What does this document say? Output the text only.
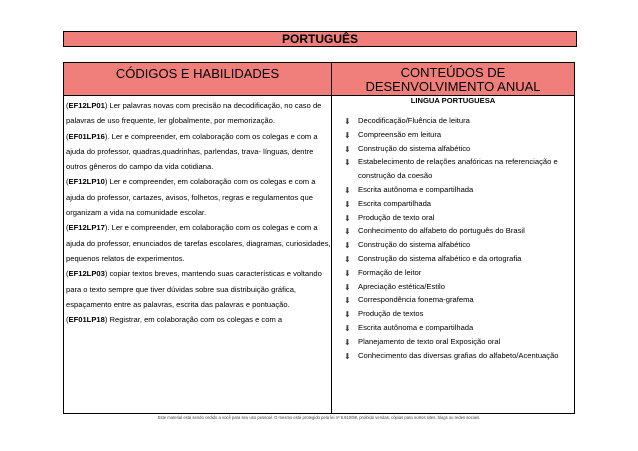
PORTUGUÊS
CÓDIGOS E HABILIDADES	CONTEÚDOS DE
DESENVOLVIMENTO ANUAL

(EF12LP01) Ler palavras novas com precisão na decodificação, no caso de palavras de uso frequente, ler globalmente, por memorização.

(EF01LP16). Ler e compreender, em colaboração com os colegas e com a ajuda do professor, quadras,quadrinhas, parlendas, trava- línguas, dentre outros gêneros do campo da vida cotidiana.

(EF12LP10) Ler e compreender, em colaboração com os colegas e com a ajuda do professor, cartazes, avisos, folhetos, regras e regulamentos que organizam a vida na comunidade escolar.

(EF12LP17). Ler e compreender, em colaboração com os colegas e com a ajuda do professor, enunciados de tarefas escolares, diagramas, curiosidades, pequenos relatos de experimentos.

(EF12LP03) copiar textos breves, mantendo suas características e voltando para o texto sempre que tiver dúvidas sobre sua distribuição gráfica, espaçamento entre as palavras, escrita das palavras e pontuação.

(EF01LP18) Registrar, em colaboração com os colegas e com a

LINGUA PORTUGUESA
⬇ Decodificação/Fluência de leitura
⬇ Compreensão em leitura
⬇ Construção do sistema alfabético
⬇ Estabelecimento de relações anafóricas na referenciação e construção da coesão
⬇ Escrita autônoma e compartilhada
⬇ Escrita compartilhada
⬇ Produção de texto oral
⬇ Conhecimento do alfabeto do português do Brasil
⬇ Construção do sistema alfabético
⬇ Construção do sistema alfabético e da ortografia
⬇ Formação de leitor
⬇ Apreciação estética/Estilo
⬇ Correspondência fonema-grafema
⬇ Produção de textos
⬇ Escrita autônoma e compartilhada
⬇ Planejamento de texto oral Exposição oral
⬇ Conhecimento das diversas grafias do alfabeto/Acentuação
Este material está sendo cedido a você para seu uso pessoal. O mesmo está protegido pela lei nº 9.610/98, proibido vendas, cópias para outros sites, blogs ou redes sociais.
